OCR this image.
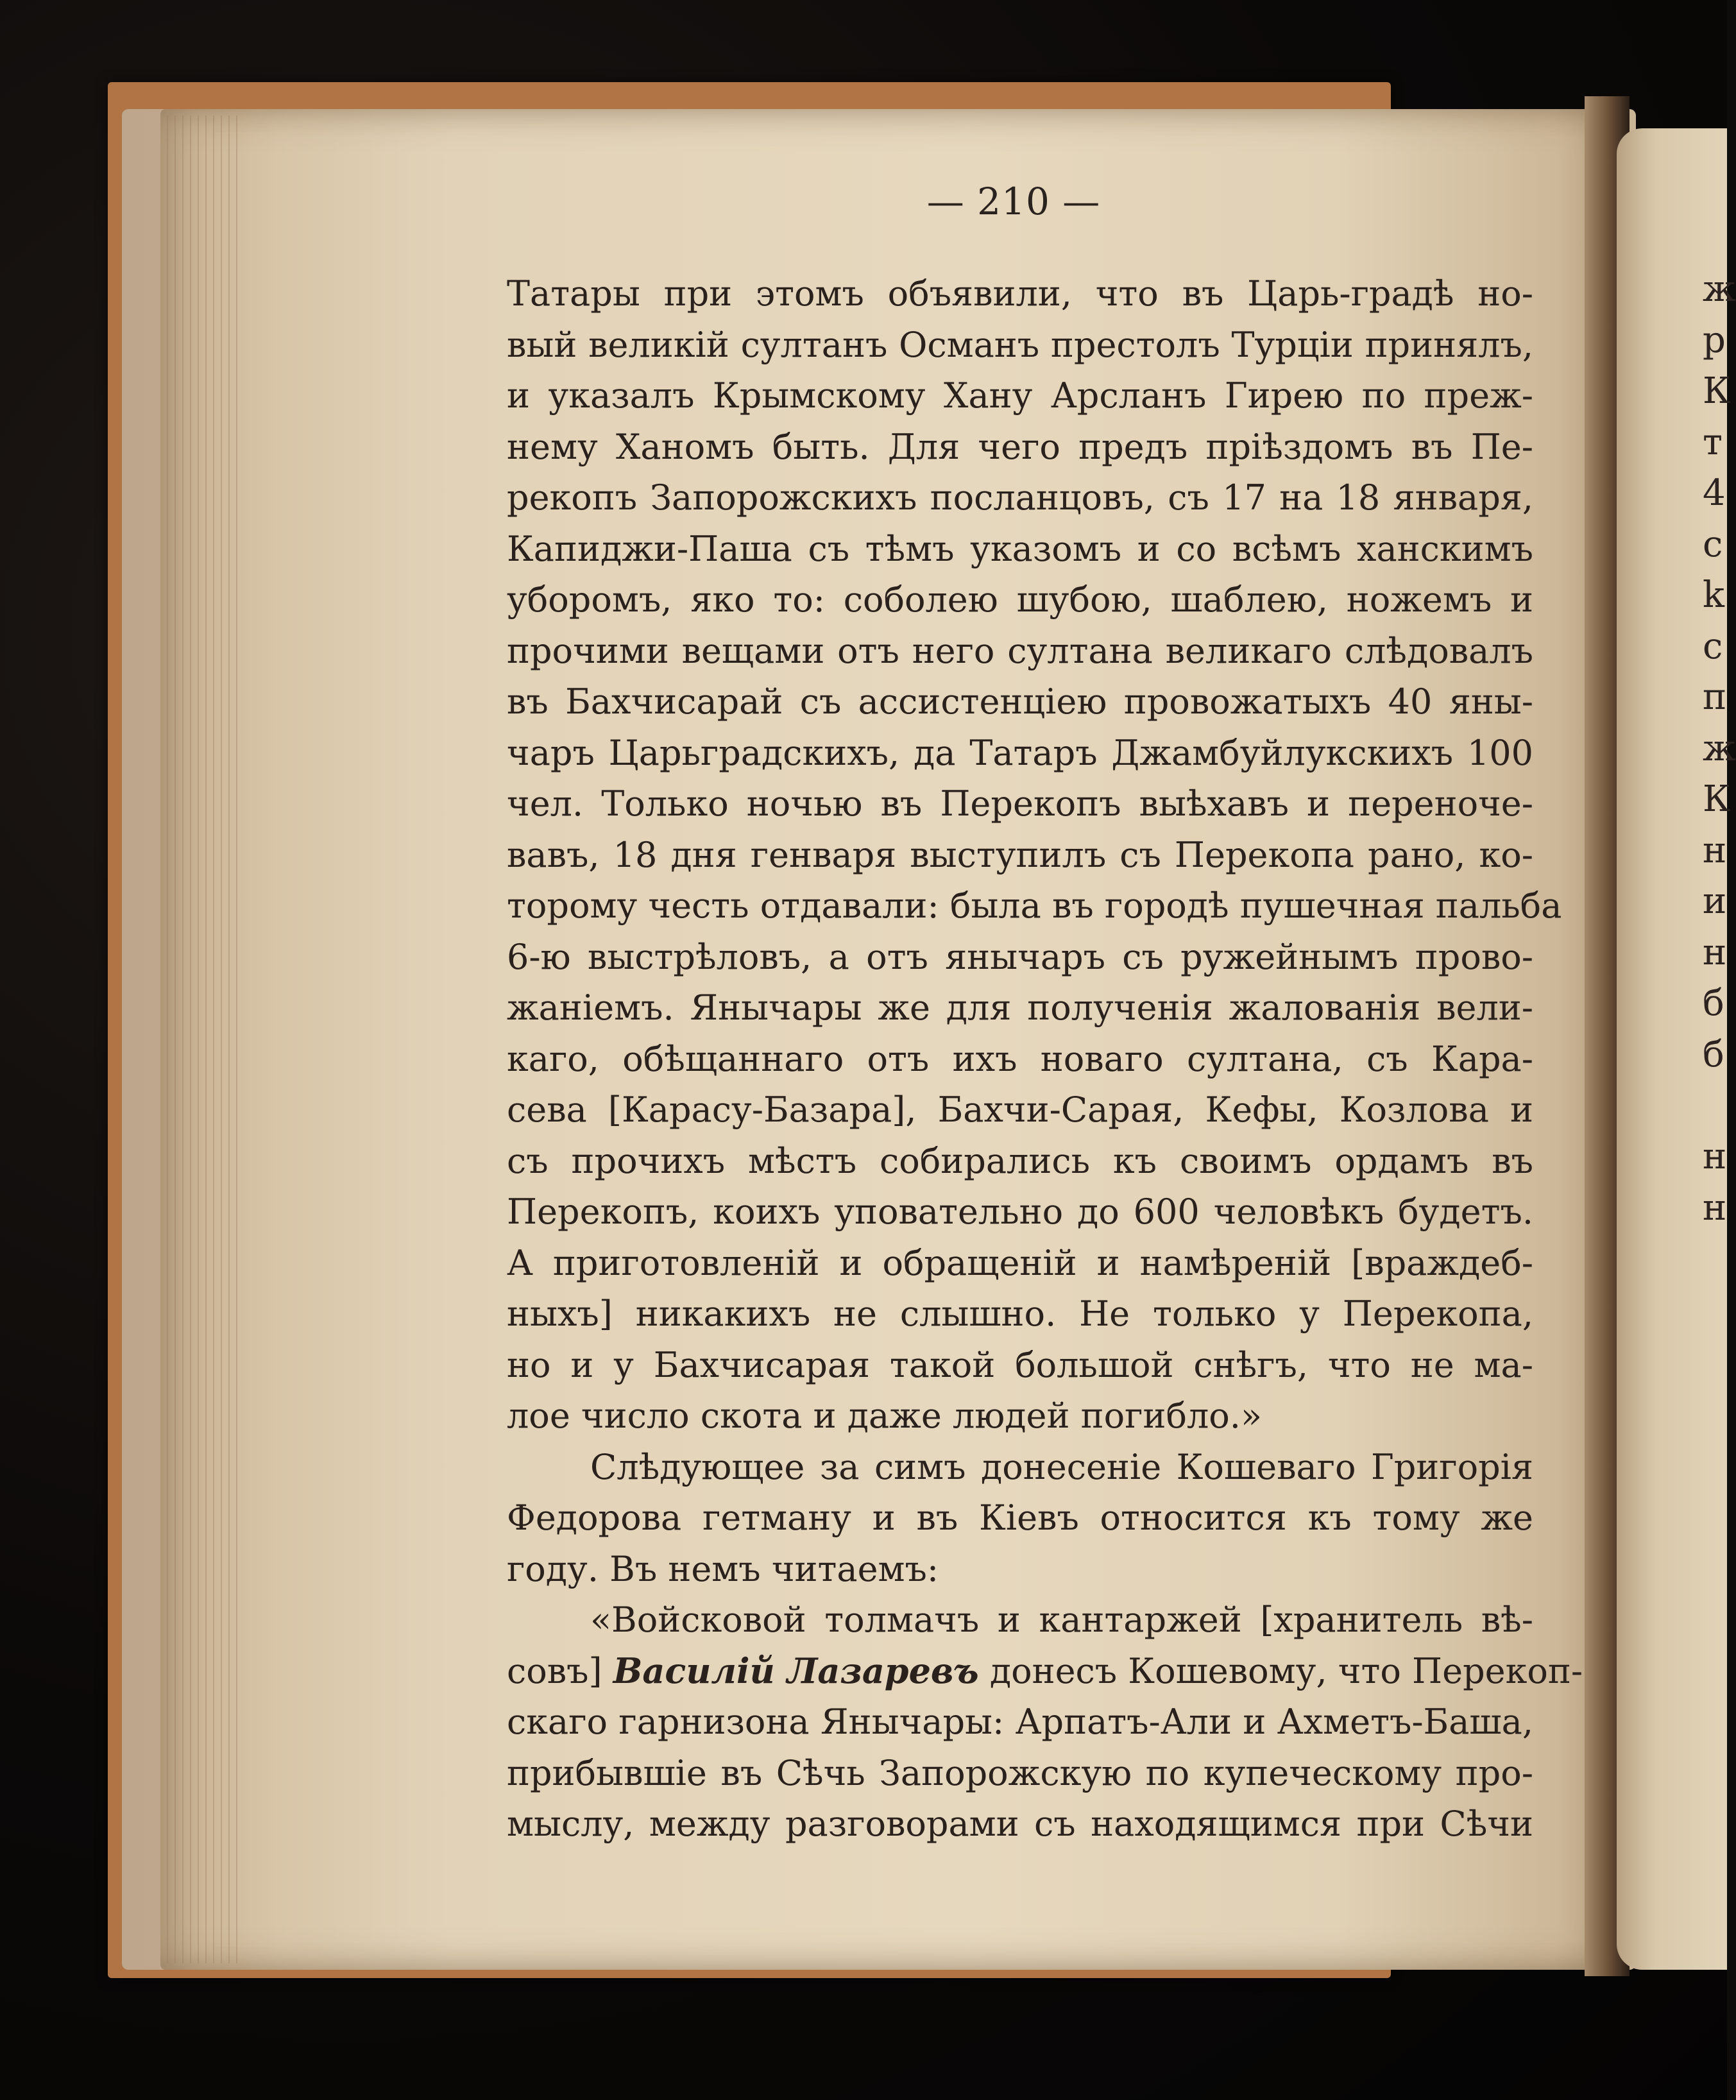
ж
р
К
т
4
с
k
с
п
ж
К
н
и
н
б
б
н
н
— 210 —
Татары при этомъ объявили, что въ Царь-градѣ но-
вый великій султанъ Османъ престолъ Турціи принялъ,
и указалъ Крымскому Хану Арсланъ Гирею по преж-
нему Ханомъ быть. Для чего предъ пріѣздомъ въ Пе-
рекопъ Запорожскихъ посланцовъ, съ 17 на 18 января,
Капиджи-Паша съ тѣмъ указомъ и со всѣмъ ханскимъ
уборомъ, яко то: соболею шубою, шаблею, ножемъ и
прочими вещами отъ него султана великаго слѣдовалъ
въ Бахчисарай съ ассистенціею провожатыхъ 40 яны-
чаръ Царьградскихъ, да Татаръ Джамбуйлукскихъ 100
чел. Только ночью въ Перекопъ выѣхавъ и переноче-
вавъ, 18 дня генваря выступилъ съ Перекопа рано, ко-
торому честь отдавали: была въ городѣ пушечная пальба
6-ю выстрѣловъ, а отъ янычаръ съ ружейнымъ прово-
жаніемъ. Янычары же для полученія жалованія вели-
каго, обѣщаннаго отъ ихъ новаго султана, съ Кара-
сева [Карасу-Базара], Бахчи-Сарая, Кефы, Козлова и
съ прочихъ мѣстъ собирались къ своимъ ордамъ въ
Перекопъ, коихъ уповательно до 600 человѣкъ будетъ.
А приготовленій и обращеній и намѣреній [враждеб-
ныхъ] никакихъ не слышно. Не только у Перекопа,
но и у Бахчисарая такой большой снѣгъ, что не ма-
лое число скота и даже людей погибло.»
Слѣдующее за симъ донесеніе Кошеваго Григорія
Федорова гетману и въ Кіевъ относится къ тому же
году. Въ немъ читаемъ:
«Войсковой толмачъ и кантаржей [хранитель вѣ-
совъ] Василій Лазаревъ донесъ Кошевому, что Перекоп-
скаго гарнизона Янычары: Арпатъ-Али и Ахметъ-Баша,
прибывшіе въ Сѣчь Запорожскую по купеческому про-
мыслу, между разговорами съ находящимся при Сѣчи
